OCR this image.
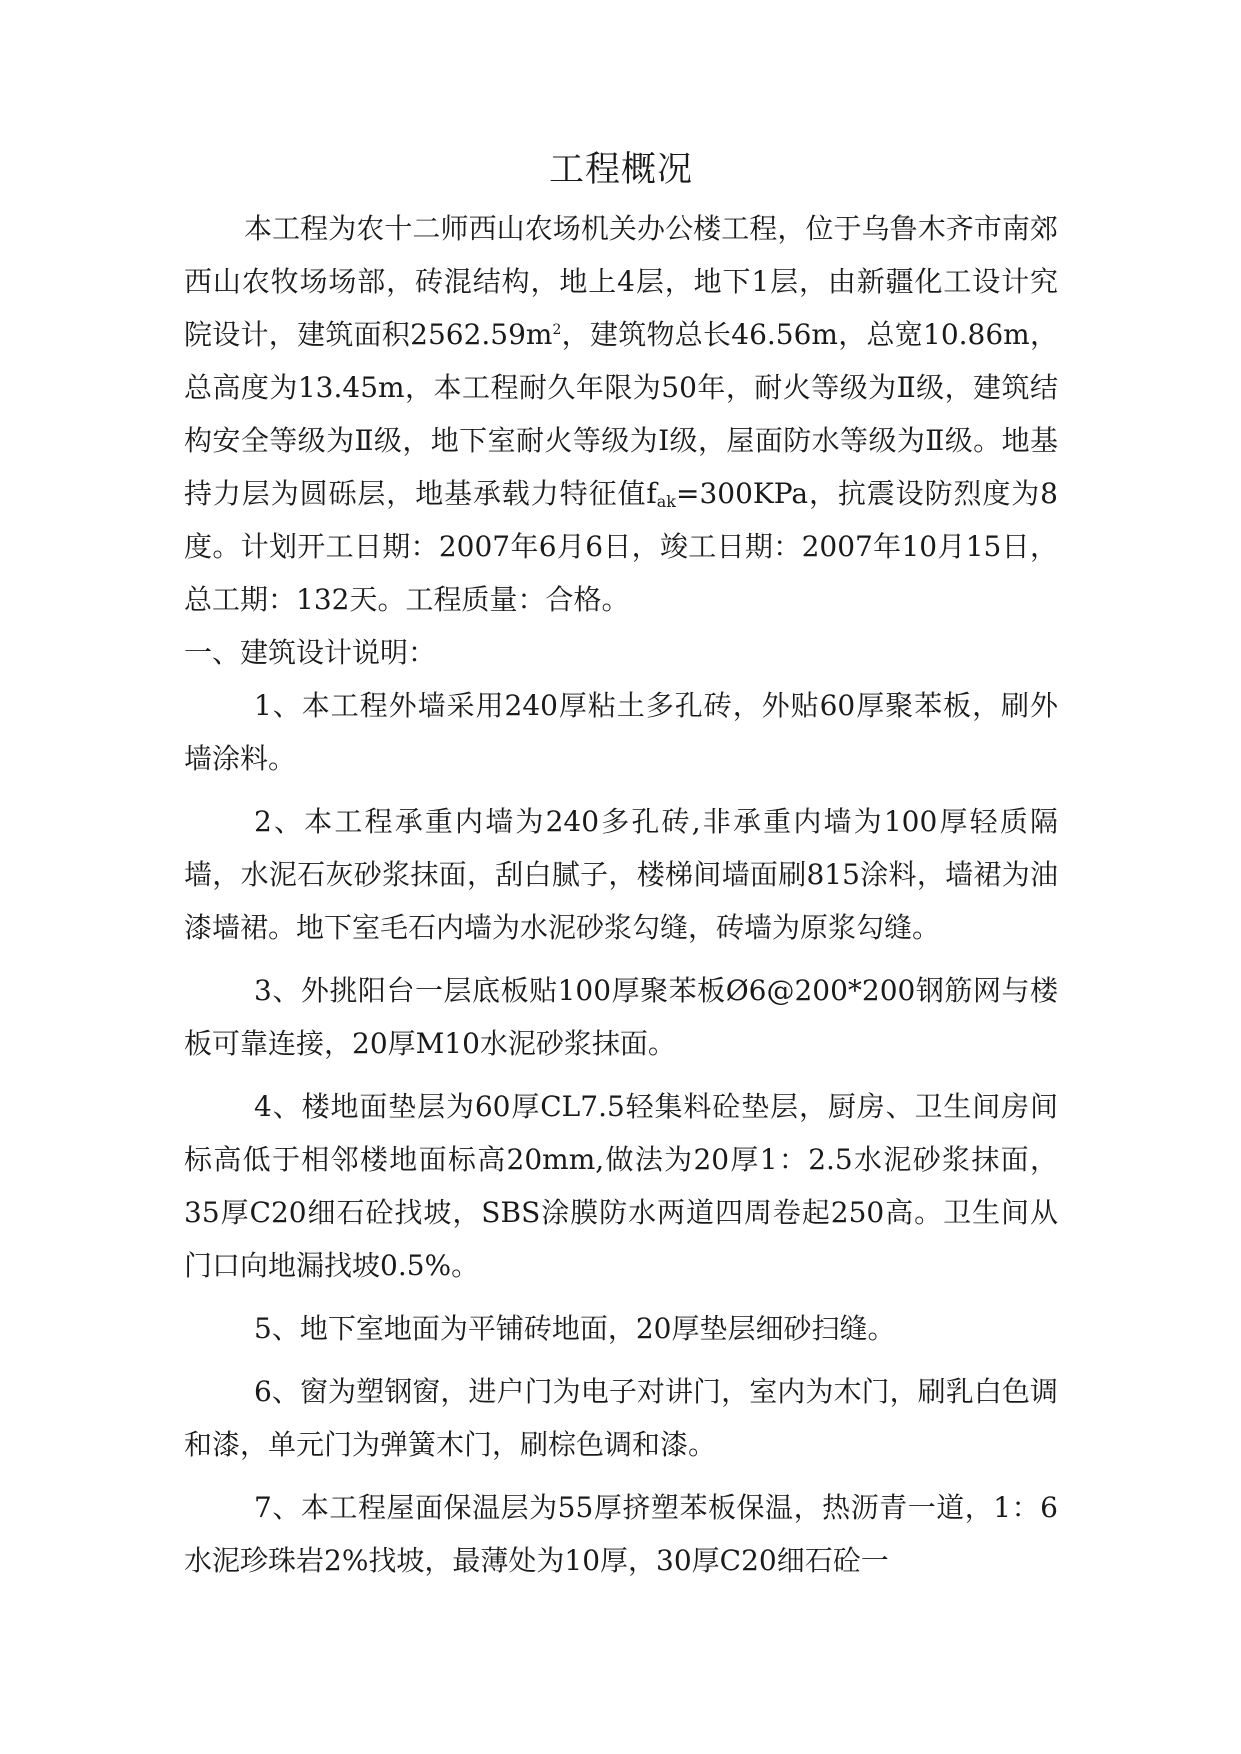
工程概况

本工程为农十二师西山农场机关办公楼工程，位于乌鲁木齐市南郊西山农牧场场部，砖混结构，地上4层，地下1层，由新疆化工设计究院设计，建筑面积$2562.59m^2$，建筑物总长46.56m，总宽10.86m，总高度为13.45m，本工程耐久年限为50年，耐火等级为Ⅱ级，建筑结构安全等级为Ⅱ级，地下室耐火等级为Ⅰ级，屋面防水等级为Ⅱ级。地基持力层为圆砾层，地基承载力特征值$f_{ak}=300KPa$，抗震设防烈度为8度。计划开工日期：2007年6月6日，竣工日期：2007年10月15日，总工期：132天。工程质量：合格。

一、建筑设计说明：

1、本工程外墙采用240厚粘土多孔砖，外贴60厚聚苯板，刷外墙涂料。

2、本工程承重内墙为240多孔砖,非承重内墙为100厚轻质隔墙，水泥石灰砂浆抹面，刮白腻子，楼梯间墙面刷815涂料，墙裙为油漆墙裙。地下室毛石内墙为水泥砂浆勾缝，砖墙为原浆勾缝。

3、外挑阳台一层底板贴100厚聚苯板Ø6@200*200钢筋网与楼板可靠连接，20厚M10水泥砂浆抹面。

4、楼地面垫层为60厚CL7.5轻集料砼垫层，厨房、卫生间房间标高低于相邻楼地面标高20mm,做法为20厚1：2.5水泥砂浆抹面，35厚C20细石砼找坡，SBS涂膜防水两道四周卷起250高。卫生间从门口向地漏找坡0.5%。

5、地下室地面为平铺砖地面，20厚垫层细砂扫缝。

6、窗为塑钢窗，进户门为电子对讲门，室内为木门，刷乳白色调和漆，单元门为弹簧木门，刷棕色调和漆。

7、本工程屋面保温层为55厚挤塑苯板保温，热沥青一道，1：6水泥珍珠岩2%找坡，最薄处为10厚，30厚C20细石砼一
